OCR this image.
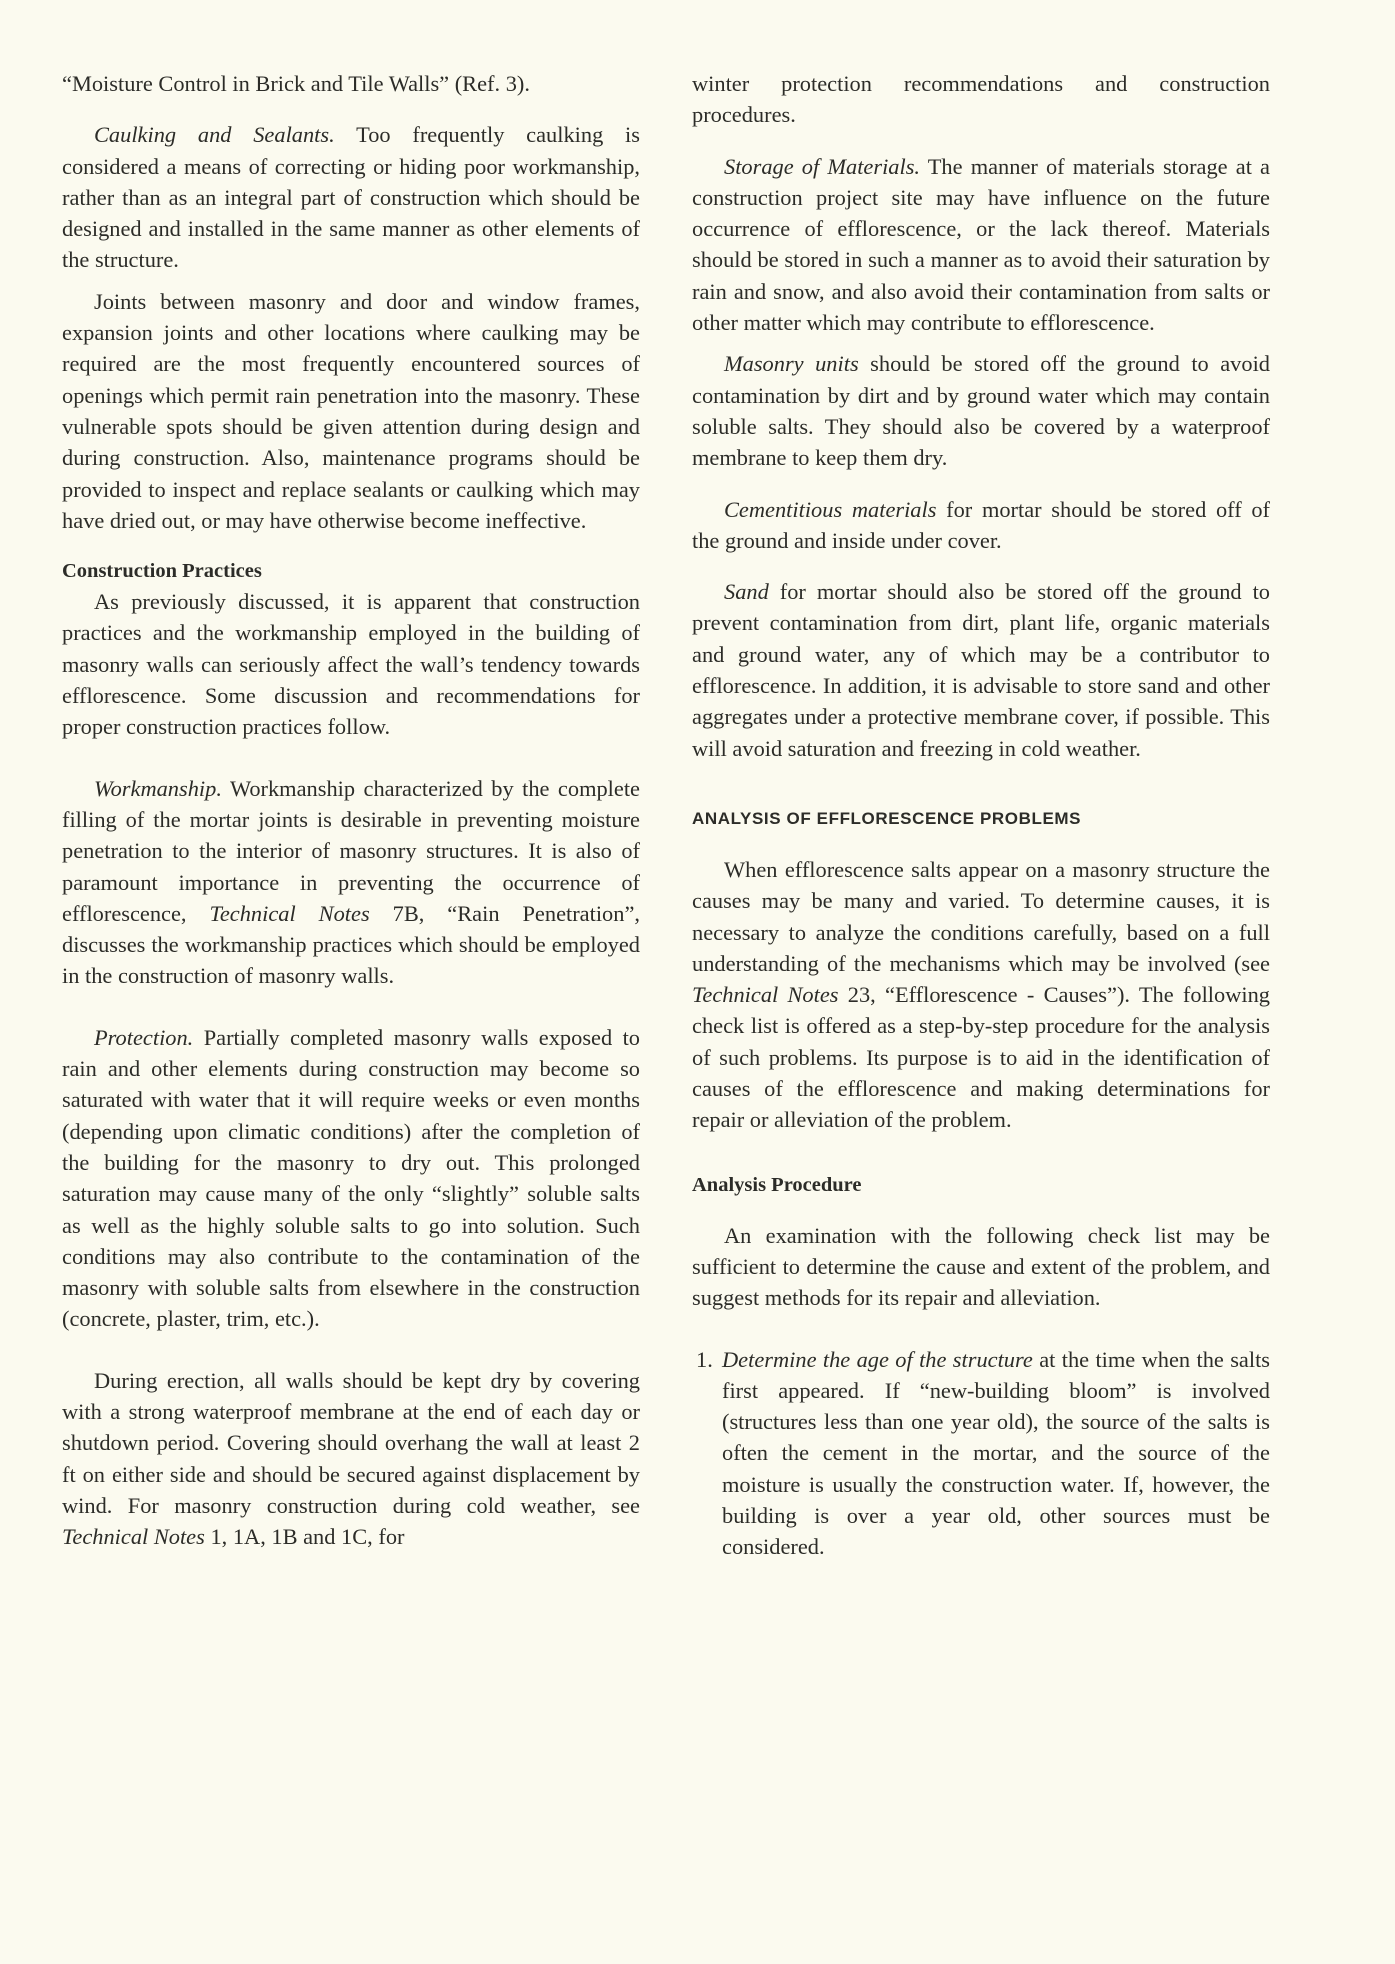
“Moisture Control in Brick and Tile Walls” (Ref. 3).

Caulking and Sealants. Too frequently caulking is considered a means of correcting or hiding poor workmanship, rather than as an integral part of construction which should be designed and installed in the same manner as other elements of the structure.

Joints between masonry and door and window frames, expansion joints and other locations where caulking may be required are the most frequently encountered sources of openings which permit rain penetration into the masonry. These vulnerable spots should be given attention during design and during construction. Also, maintenance programs should be provided to inspect and replace sealants or caulking which may have dried out, or may have otherwise become ineffective.

Construction Practices

As previously discussed, it is apparent that construction practices and the workmanship employed in the building of masonry walls can seriously affect the wall’s tendency towards efflorescence. Some discussion and recommendations for proper construction practices follow.

Workmanship. Workmanship characterized by the complete filling of the mortar joints is desirable in preventing moisture penetration to the interior of masonry structures. It is also of paramount importance in preventing the occurrence of efflorescence, Technical Notes 7B, “Rain Penetration”, discusses the workmanship practices which should be employed in the construction of masonry walls.

Protection. Partially completed masonry walls exposed to rain and other elements during construction may become so saturated with water that it will require weeks or even months (depending upon climatic conditions) after the completion of the building for the masonry to dry out. This prolonged saturation may cause many of the only “slightly” soluble salts as well as the highly soluble salts to go into solution. Such conditions may also contribute to the contamination of the masonry with soluble salts from elsewhere in the construction (concrete, plaster, trim, etc.).

During erection, all walls should be kept dry by covering with a strong waterproof membrane at the end of each day or shutdown period. Covering should overhang the wall at least 2 ft on either side and should be secured against displacement by wind. For masonry construction during cold weather, see Technical Notes 1, 1A, 1B and 1C, for

winter protection recommendations and construction procedures.

Storage of Materials. The manner of materials storage at a construction project site may have influence on the future occurrence of efflorescence, or the lack thereof. Materials should be stored in such a manner as to avoid their saturation by rain and snow, and also avoid their contamination from salts or other matter which may contribute to efflorescence.

Masonry units should be stored off the ground to avoid contamination by dirt and by ground water which may contain soluble salts. They should also be covered by a waterproof membrane to keep them dry.

Cementitious materials for mortar should be stored off of the ground and inside under cover.

Sand for mortar should also be stored off the ground to prevent contamination from dirt, plant life, organic materials and ground water, any of which may be a contributor to efflorescence. In addition, it is advisable to store sand and other aggregates under a protective membrane cover, if possible. This will avoid saturation and freezing in cold weather.

ANALYSIS OF EFFLORESCENCE PROBLEMS

When efflorescence salts appear on a masonry structure the causes may be many and varied. To determine causes, it is necessary to analyze the conditions carefully, based on a full understanding of the mechanisms which may be involved (see Technical Notes 23, “Efflorescence - Causes”). The following check list is offered as a step-by-step procedure for the analysis of such problems. Its purpose is to aid in the identification of causes of the efflorescence and making determinations for repair or alleviation of the problem.

Analysis Procedure

An examination with the following check list may be sufficient to determine the cause and extent of the problem, and suggest methods for its repair and alleviation.

1. Determine the age of the structure at the time when the salts first appeared. If “new-building bloom” is involved (structures less than one year old), the source of the salts is often the cement in the mortar, and the source of the moisture is usually the construction water. If, however, the building is over a year old, other sources must be considered.
